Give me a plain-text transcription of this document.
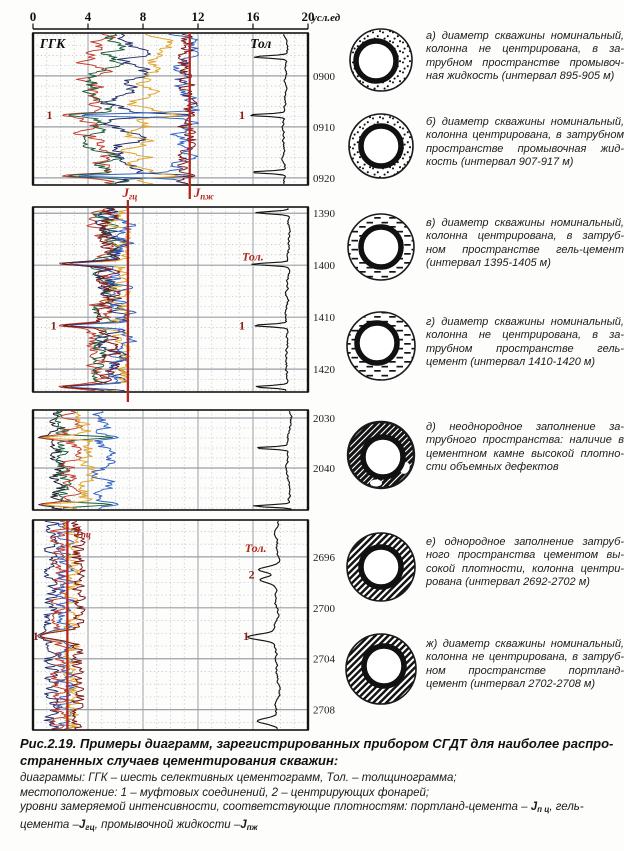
0	4	8	12	16	20
усл.ед
0900
0910
0920
ГГК	Тол
1	1
Jпж
1390
1400
1410
1420
Тол.
1	1
Jгц
2030
2040
2696
2700
2704
2708
Тол.
2
1	1
Jпц
а) диаметр скважины номинальный,
колонна не центрирована, в за-
трубном пространстве промывоч-
ная жидкость (интервал 895-905 м)
б) диаметр скважины номинальный,
колонна центрирована, в затрубном
пространстве промывочная жид-
кость (интервал 907-917 м)
в) диаметр скважины номинальный,
колонна центрирована, в затруб-
ном пространстве гель-цемент
(интервал 1395-1405 м)
г) диаметр скважины номинальный,
колонна не центрирована, в за-
трубном пространстве гель-
цемент (интервал 1410-1420 м)
д) неоднородное заполнение за-
трубного пространства: наличие в
цементном камне высокой плотно-
сти объемных дефектов
е) однородное заполнение затруб-
ного пространства цементом вы-
сокой плотности, колонна центри-
рована (интервал 2692-2702 м)
ж) диаметр скважины номинальный,
колонна не центрирована, в затруб-
ном пространстве портланд-
цемент (интервал 2702-2708 м)
Рис.2.19. Примеры диаграмм, зарегистрированных прибором СГДТ для наиболее распро-
страненных случаев цементирования скважин:
диаграммы: ГГК – шесть селективных цементограмм, Тол. – толщинограмма;
местоположение: 1 – муфтовых соединений, 2 – центрирующих фонарей;
уровни замеряемой интенсивности, соответствующие плотностям: портланд-цемента – $J_{п ц}$, гель-
цемента $-J_{гц}$, промывочной жидкости $-J_{пж}$
